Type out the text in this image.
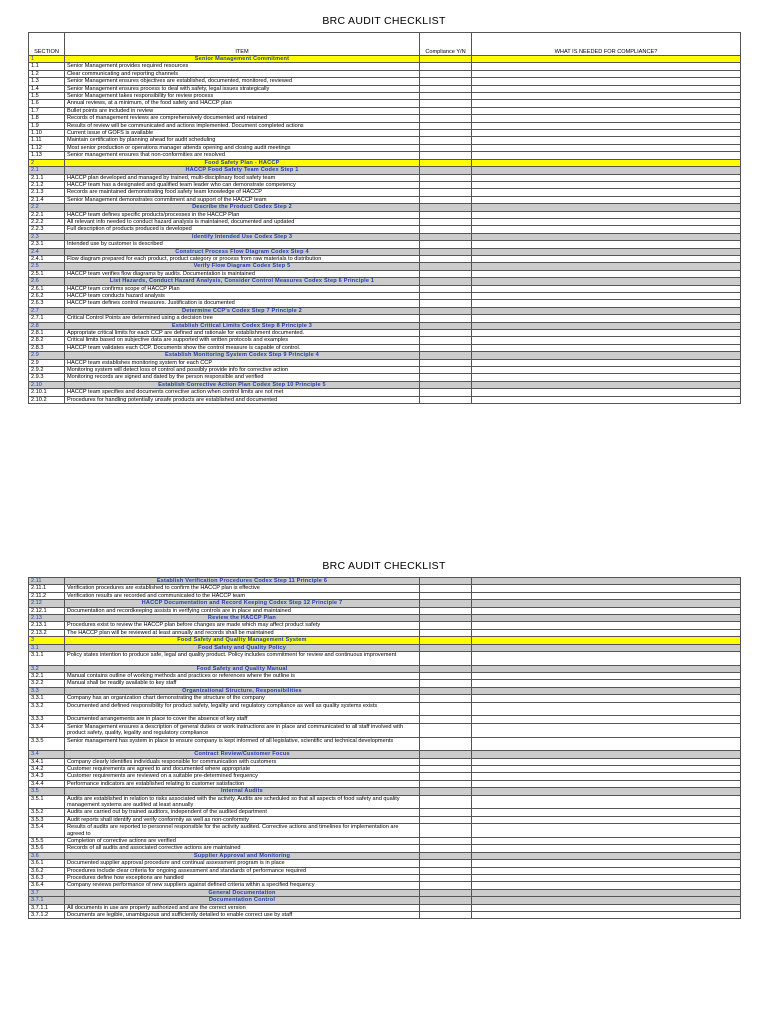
BRC AUDIT CHECKLIST
SECTION	ITEM	Compliance Y/N	WHAT IS NEEDED FOR COMPLIANCE?
1	Senior Management Commitment		
1.1	Senior Management provides required resources		
1.2	Clear communicating and reporting channels		
1.3	Senior Management ensures objectives are established, documented, monitored, reviewed		
1.4	Senior Management ensures process to deal with safety, legal issues strategically		
1.5	Senior Management takes responsibility for review process		
1.6	Annual reviews, at a minimum, of the food safety and HACCP plan		
1.7	Bullet points are included in review		
1.8	Records of management reviews are comprehensively documented and retained		
1.9	Results of review will be communicated and actions implemented. Document completed actions		
1.10	Current issue of GOFS is available		
1.11	Maintain certification by planning ahead for audit scheduling		
1.12	Most senior production or operations manager attends opening and closing audit meetings		
1.13	Senior management ensures that non-conformities are resolved		
2	Food Safety Plan - HACCP		
2.1	HACCP Food Safety Team Codex Step 1		
2.1.1	HACCP plan developed and managed by trained, multi-disciplinary food safety team		
2.1.2	HACCP team has a designated and qualified team leader who can demonstrate competency		
2.1.3	Records are maintained demonstrating food safety team knowledge of HACCP		
2.1.4	Senior Management demonstrates commitment and support of the HACCP team		
2.2	Describe the Product Codex Step 2		
2.2.1	HACCP team defines specific products/processes in the HACCP Plan		
2.2.2	All relevant info needed to conduct hazard analysis is maintained, documented and updated		
2.2.3	Full description of products produced is developed		
2.3	Identify Intended Use Codex Step 3		
2.3.1	Intended use by customer is described		
2.4	Construct Process Flow Diagram Codex Step 4		
2.4.1	Flow diagram prepared for each product, product category or process from raw materials to distribution		
2.5	Verify Flow Diagram Codex Step 5		
2.5.1	HACCP team verifies flow diagrams by audits. Documentation is maintained		
2.6	List Hazards, Conduct Hazard Analysis, Consider Control Measures Codex Step 6 Principle 1		
2.6.1	HACCP team confirms scope of HACCP Plan		
2.6.2	HACCP team conducts hazard analysis		
2.6.3	HACCP team defines control measures. Justification is documented		
2.7	Determine CCP's Codex Step 7 Principle 2		
2.7.1	Critical Control Points are determined using a decision tree		
2.8	Establish Critical Limits Codex Step 8 Principle 3		
2.8.1	Appropriate critical limits for each CCP are defined and rationale for establishment documented.		
2.8.2	Critical limits based on subjective data are supported with written protocols and examples		
2.8.3	HACCP team validates each CCP. Documents show the control measure is capable of control.		
2.9	Establish Monitoring System Codex Step 9 Principle 4		
2.9	HACCP team establishes monitoring system for each CCP		
2.9.2	Monitoring system will detect loss of control and possibly provide info for corrective action		
2.9.3	Monitoring records are signed and dated by the person responsible and verified		
2.10	Establish Corrective Action Plan Codex Step 10 Principle 5		
2.10.1	HACCP team specifies and documents corrective action when control limits are not met		
2.10.2	Procedures for handling potentially unsafe products are established and documented		
BRC AUDIT CHECKLIST
2.11	Establish Verification Procedures Codex Step 11 Principle 6		
2.11.1	Verification procedures are established to confirm the HACCP plan is effective		
2.11.2	Verification results are recorded and communicated to the HACCP team		
2.12	HACCP Documentation and Record Keeping Codex Step 12 Principle 7		
2.12.1	Documentation and recordkeeping assists in verifying controls are in place and maintained		
2.13	Review the HACCP Plan		
2.13.1	Procedures exist to review the HACCP plan before changes are made which may affect product safety		
2.13.2	The HACCP plan will be reviewed at least annually and records shall be maintained		
3	Food Safety and Quality Management System		
3.1	Food Safety and Quality Policy		
3.1.1	Policy states intention to produce safe, legal and quality product. Policy includes commitment for review and continuous improvement		
3.2	Food Safety and Quality Manual		
3.2.1	Manual contains outline of working methods and practices or references where the outline is		
3.2.2	Manual shall be readily available to key staff		
3.3	Organizational Structure, Responsibilities		
3.3.1	Company has an organization chart demonstrating the structure of the company		
3.3.2	Documented and defined responsibility for product safety, legality and regulatory compliance as well as quality systems exists		
3.3.3	Documented arrangements are in place to cover the absence of key staff		
3.3.4	Senior Management ensures a description of general duties or work instructions are in place and communicated to all staff involved with product safety, quality, legality and regulatory compliance		
3.3.5	Senior management has system in place to ensure company is kept informed of all legislative, scientific and technical developments		
3.4	Contract Review/Customer Focus		
3.4.1	Company clearly identifies individuals responsible for communication with customers		
3.4.2	Customer requirements are agreed to and documented where appropriate		
3.4.3	Customer requirements are reviewed on a suitable pre-determined frequency		
3.4.4	Performance indicators are established relating to customer satisfaction		
3.5	Internal Audits		
3.5.1	Audits are established in relation to risks associated with the activity. Audits are scheduled so that all aspects of food safety and quality management systems are audited at least annually		
3.5.2	Audits are carried out by trained auditors, independent of the audited department		
3.5.3	Audit reports shall identify and verify conformity as well as non-conformity		
3.5.4	Results of audits are reported to personnel responsible for the activity audited. Corrective actions and timelines for implementation are agreed to		
3.5.5	Completion of corrective actions are verified		
3.5.6	Records of all audits and associated corrective actions are maintained		
3.6	Supplier Approval and Monitoring		
3.6.1	Documented supplier approval procedure and continual assessment program is in place		
3.6.2	Procedures include clear criteria for ongoing assessment and standards of performance required		
3.6.3	Procedures define how exceptions are handled		
3.6.4	Company reviews performance of new suppliers against defined criteria within a specified frequency		
3.7	General Documentation		
3.7.1	Documentation Control		
3.7.1.1	All documents in use are properly authorized and are the correct version		
3.7.1.2	Documents are legible, unambiguous and sufficiently detailed to enable correct use by staff		
